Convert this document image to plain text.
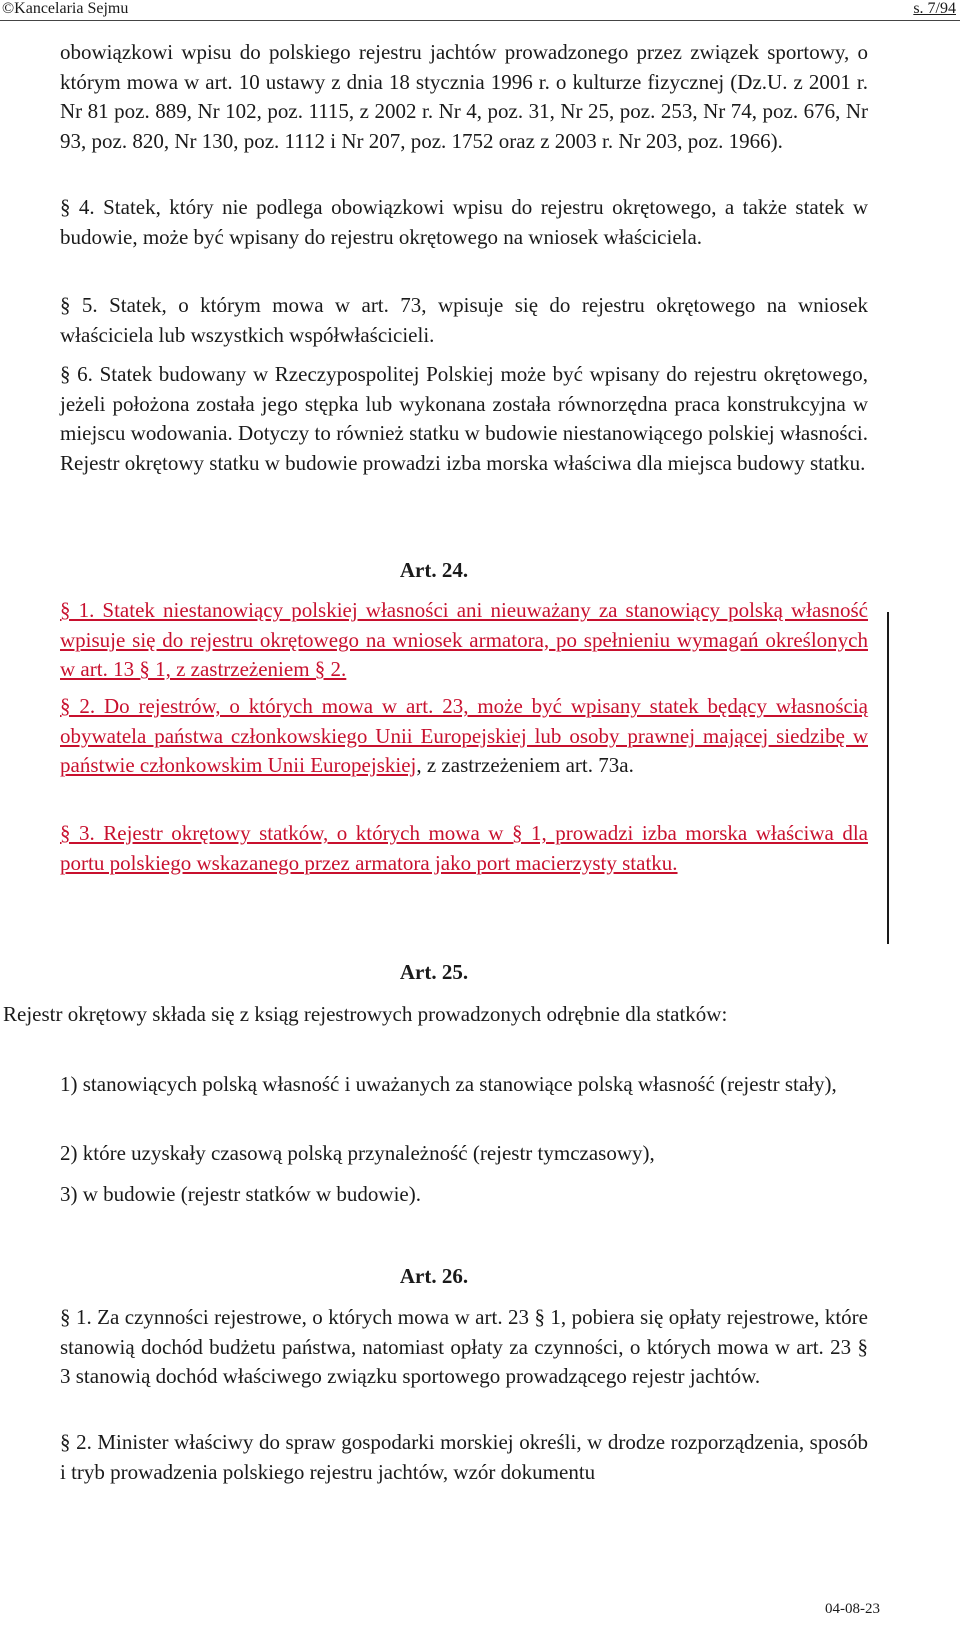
©Kancelaria Sejmu	s. 7/94

obowiązkowi wpisu do polskiego rejestru jachtów prowadzonego przez związek sportowy, o którym mowa w art. 10 ustawy z dnia 18 stycznia 1996 r. o kulturze fizycznej (Dz.U. z 2001 r. Nr 81 poz. 889, Nr 102, poz. 1115, z 2002 r. Nr 4, poz. 31, Nr 25, poz. 253, Nr 74, poz. 676, Nr 93, poz. 820, Nr 130, poz. 1112 i Nr 207, poz. 1752 oraz z 2003 r. Nr 203, poz. 1966).

§ 4. Statek, który nie podlega obowiązkowi wpisu do rejestru okrętowego, a także statek w budowie, może być wpisany do rejestru okrętowego na wniosek właściciela.

§ 5. Statek, o którym mowa w art. 73, wpisuje się do rejestru okrętowego na wniosek właściciela lub wszystkich współwłaścicieli.

§ 6. Statek budowany w Rzeczypospolitej Polskiej może być wpisany do rejestru okrętowego, jeżeli położona została jego stępka lub wykonana została równorzędna praca konstrukcyjna w miejscu wodowania. Dotyczy to również statku w budowie niestanowiącego polskiej własności. Rejestr okrętowy statku w budowie prowadzi izba morska właściwa dla miejsca budowy statku.

Art. 24.

§ 1. Statek niestanowiący polskiej własności ani nieuważany za stanowiący polską własność wpisuje się do rejestru okrętowego na wniosek armatora, po spełnieniu wymagań określonych w art. 13 § 1, z zastrzeżeniem § 2.

§ 2. Do rejestrów, o których mowa w art. 23, może być wpisany statek będący własnością obywatela państwa członkowskiego Unii Europejskiej lub osoby prawnej mającej siedzibę w państwie członkowskim Unii Europejskiej, z zastrzeżeniem art. 73a.

§ 3. Rejestr okrętowy statków, o których mowa w § 1, prowadzi izba morska właściwa dla portu polskiego wskazanego przez armatora jako port macierzysty statku.

Art. 25.

Rejestr okrętowy składa się z ksiąg rejestrowych prowadzonych odrębnie dla statków:

1) stanowiących polską własność i uważanych za stanowiące polską własność (rejestr stały),

2) które uzyskały czasową polską przynależność (rejestr tymczasowy),

3) w budowie (rejestr statków w budowie).

Art. 26.

§ 1. Za czynności rejestrowe, o których mowa w art. 23 § 1, pobiera się opłaty rejestrowe, które stanowią dochód budżetu państwa, natomiast opłaty za czynności, o których mowa w art. 23 § 3 stanowią dochód właściwego związku sportowego prowadzącego rejestr jachtów.

§ 2. Minister właściwy do spraw gospodarki morskiej określi, w drodze rozporządzenia, sposób i tryb prowadzenia polskiego rejestru jachtów, wzór dokumentu

04-08-23
